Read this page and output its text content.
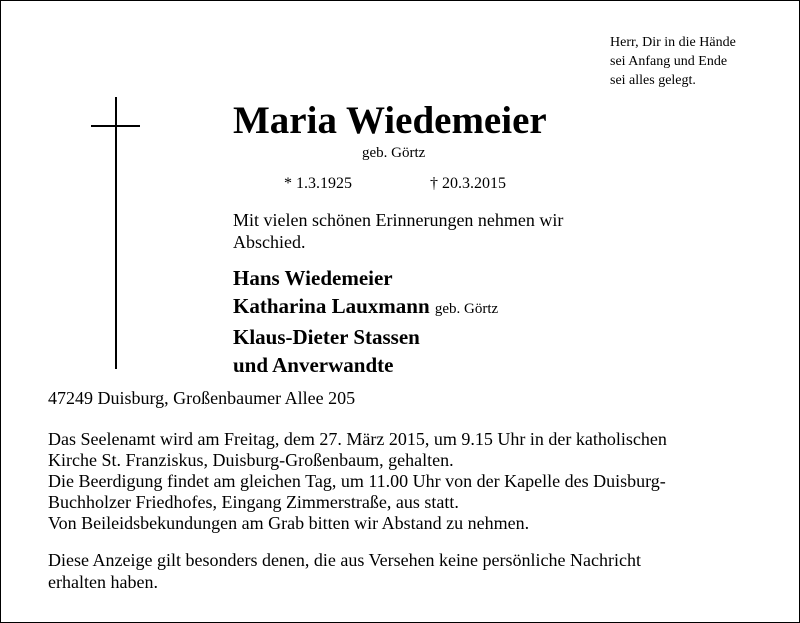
Herr, Dir in die Hände
sei Anfang und Ende
sei alles gelegt.
Maria Wiedemeier
geb. Görtz
* 1.3.1925	† 20.3.2015
Mit vielen schönen Erinnerungen nehmen wir
Abschied.
Hans Wiedemeier
Katharina Lauxmann geb. Görtz
Klaus-Dieter Stassen
und Anverwandte
47249 Duisburg, Großenbaumer Allee 205
Das Seelenamt wird am Freitag, dem 27. März 2015, um 9.15 Uhr in der katholischen
Kirche St. Franziskus, Duisburg-Großenbaum, gehalten.
Die Beerdigung findet am gleichen Tag, um 11.00 Uhr von der Kapelle des Duisburg-
Buchholzer Friedhofes, Eingang Zimmerstraße, aus statt.
Von Beileidsbekundungen am Grab bitten wir Abstand zu nehmen.
Diese Anzeige gilt besonders denen, die aus Versehen keine persönliche Nachricht
erhalten haben.
